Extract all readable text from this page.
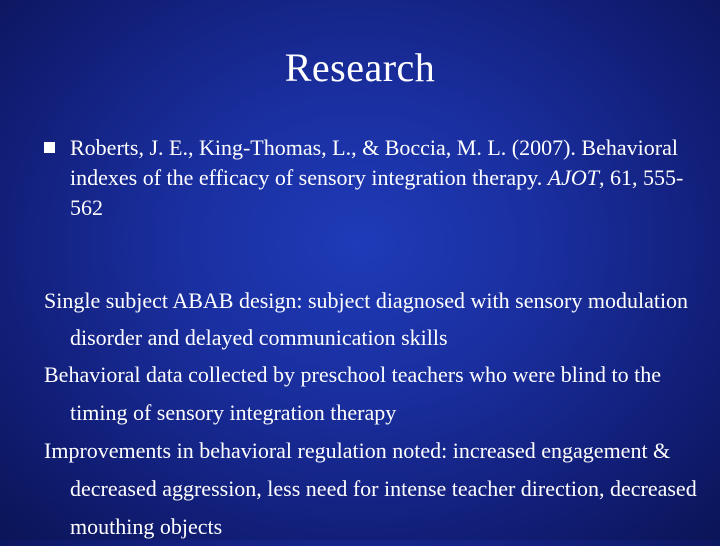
Research
Roberts, J. E., King-Thomas, L., & Boccia, M. L. (2007). Behavioral indexes of the efficacy of sensory integration therapy. AJOT, 61, 555-562

Single subject ABAB design: subject diagnosed with sensory modulation disorder and delayed communication skills

Behavioral data collected by preschool teachers who were blind to the timing of sensory integration therapy

Improvements in behavioral regulation noted: increased engagement & decreased aggression, less need for intense teacher direction, decreased mouthing objects
